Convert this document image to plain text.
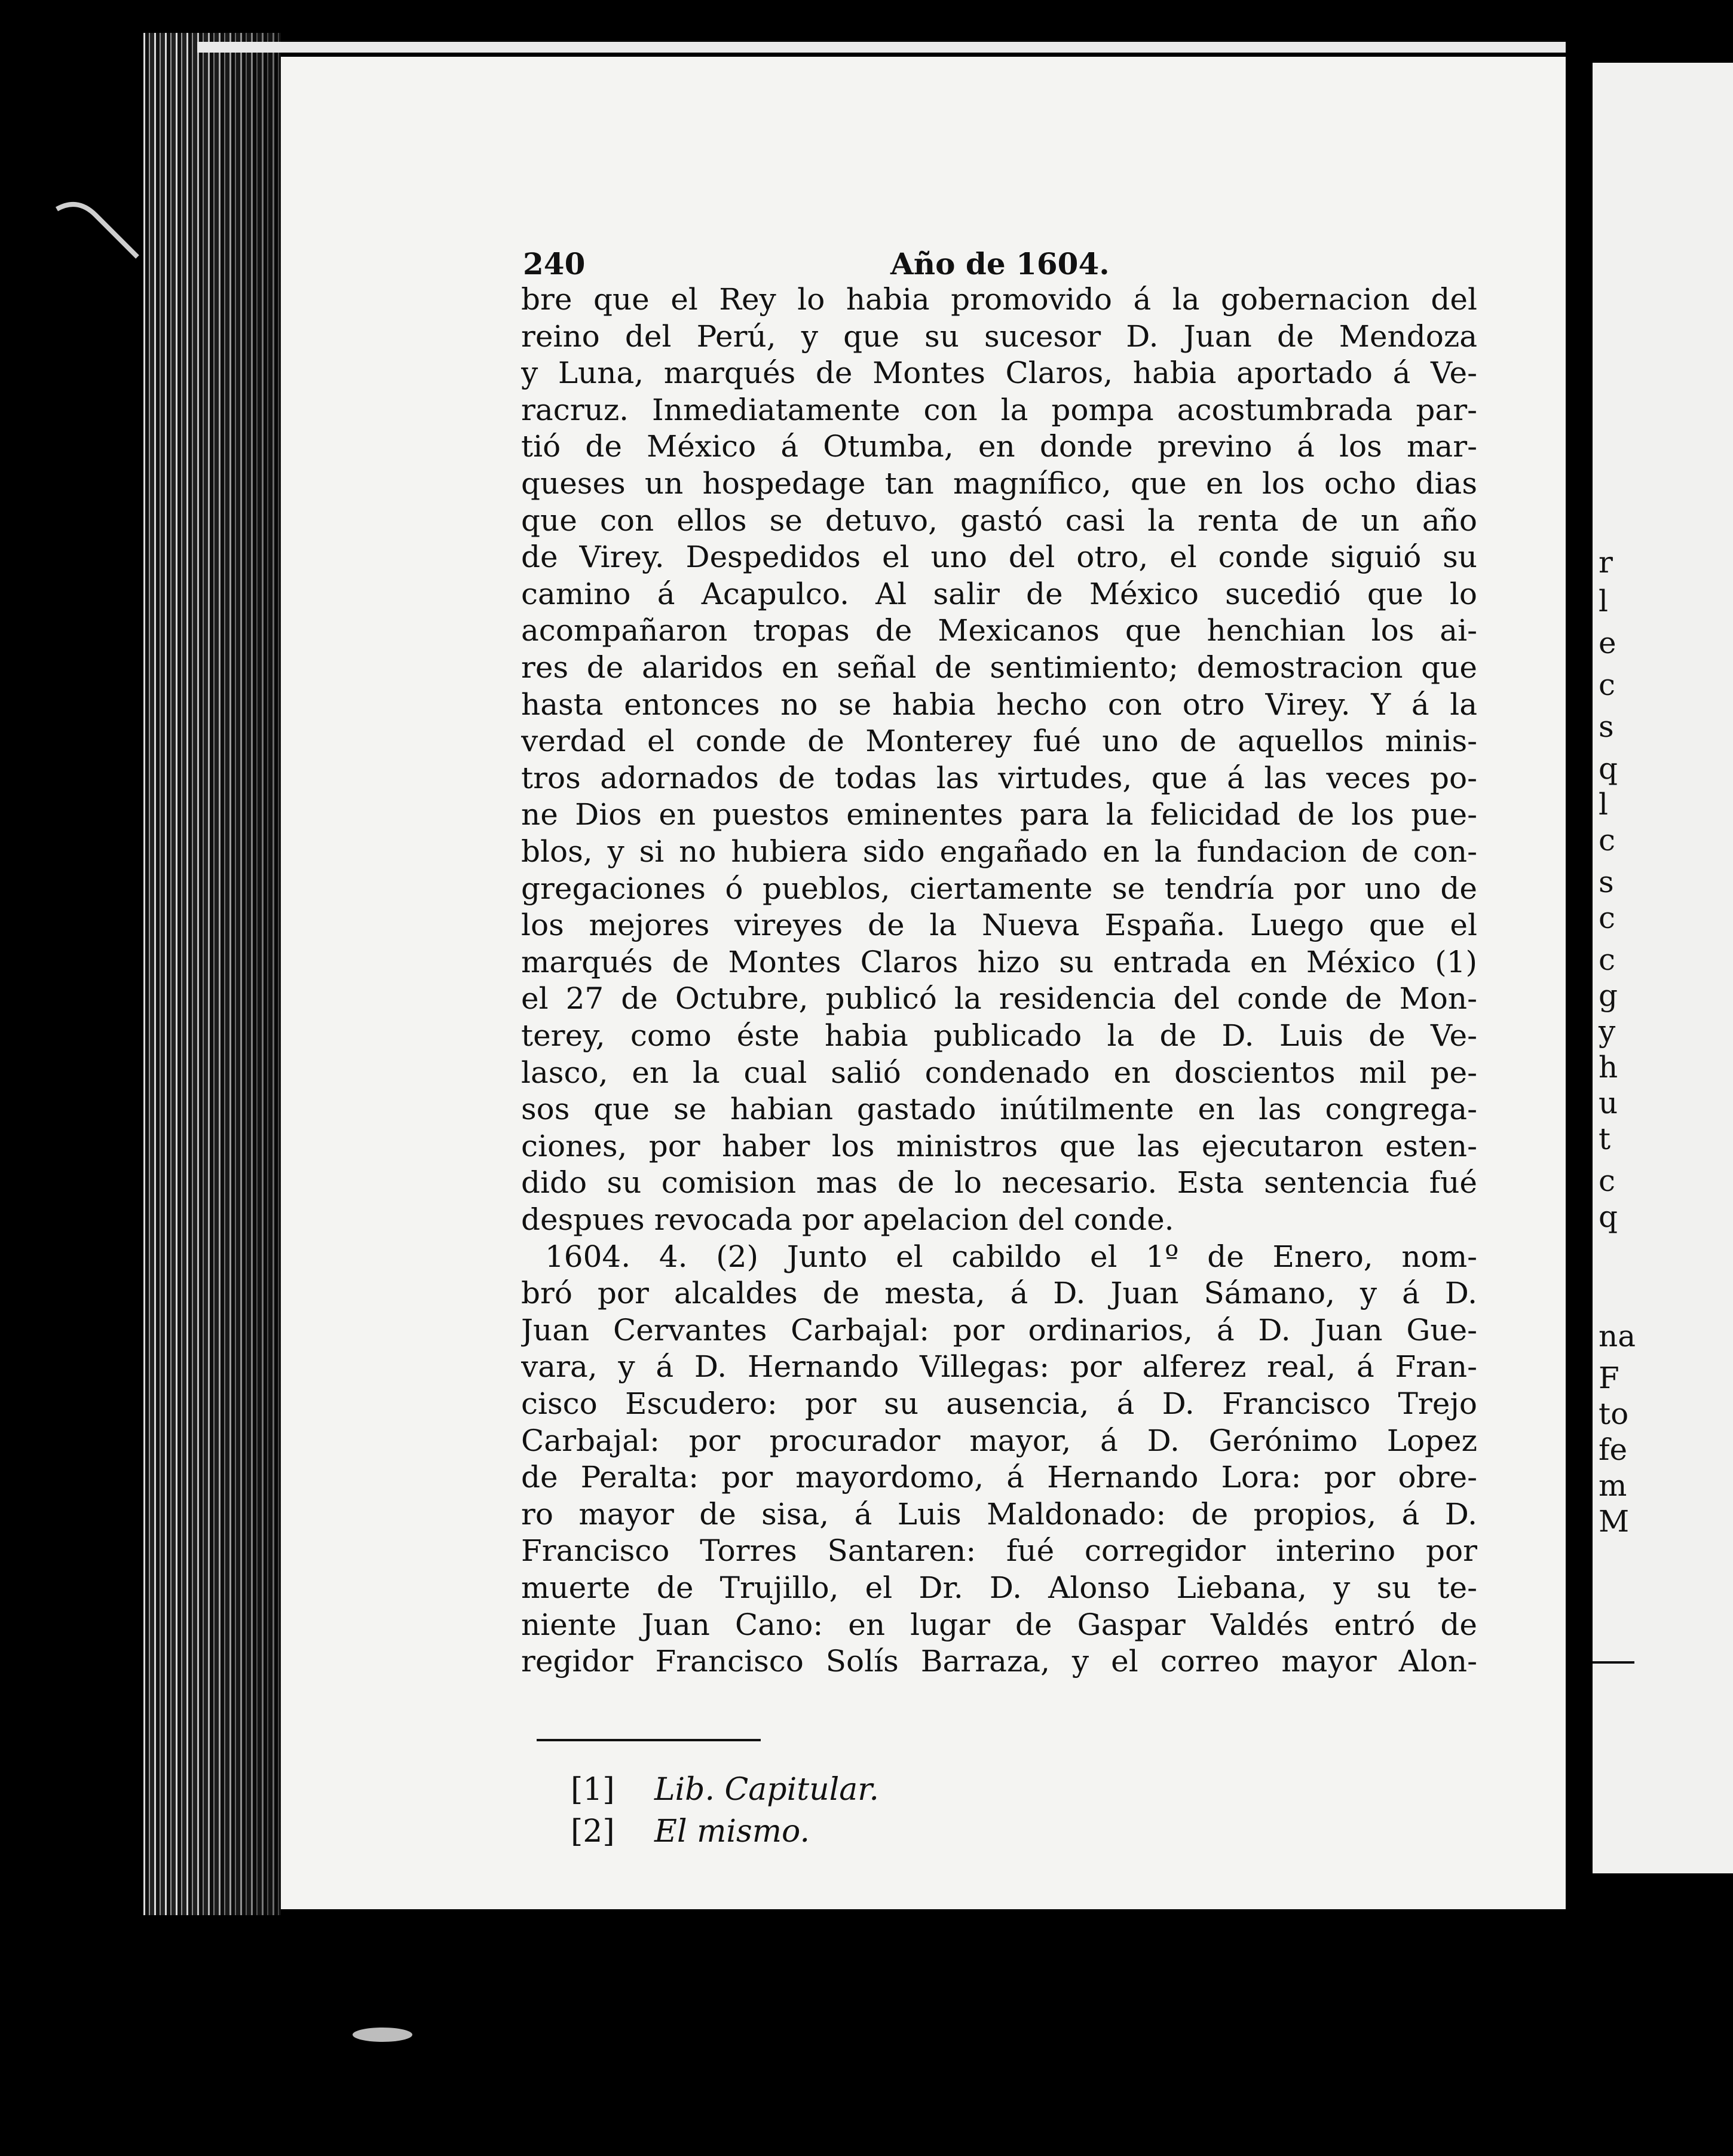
r
l
e
c
s
q
l
c
s
c
c
g
y
h
u
t
c
q
na
F
to
fe
m
M
240	Año de 1604.
bre que el Rey lo habia promovido á la gobernacion del
reino del Perú, y que su sucesor D. Juan de Mendoza
y Luna, marqués de Montes Claros, habia aportado á Ve-
racruz. Inmediatamente con la pompa acostumbrada par-
tió de México á Otumba, en donde previno á los mar-
queses un hospedage tan magnífico, que en los ocho dias
que con ellos se detuvo, gastó casi la renta de un año
de Virey. Despedidos el uno del otro, el conde siguió su
camino á Acapulco. Al salir de México sucedió que lo
acompañaron tropas de Mexicanos que henchian los ai-
res de alaridos en señal de sentimiento; demostracion que
hasta entonces no se habia hecho con otro Virey. Y á la
verdad el conde de Monterey fué uno de aquellos minis-
tros adornados de todas las virtudes, que á las veces po-
ne Dios en puestos eminentes para la felicidad de los pue-
blos, y si no hubiera sido engañado en la fundacion de con-
gregaciones ó pueblos, ciertamente se tendría por uno de
los mejores vireyes de la Nueva España. Luego que el
marqués de Montes Claros hizo su entrada en México (1)
el 27 de Octubre, publicó la residencia del conde de Mon-
terey, como éste habia publicado la de D. Luis de Ve-
lasco, en la cual salió condenado en doscientos mil pe-
sos que se habian gastado inútilmente en las congrega-
ciones, por haber los ministros que las ejecutaron esten-
dido su comision mas de lo necesario. Esta sentencia fué
despues revocada por apelacion del conde.
1604. 4. (2) Junto el cabildo el 1º de Enero, nom-
bró por alcaldes de mesta, á D. Juan Sámano, y á D.
Juan Cervantes Carbajal: por ordinarios, á D. Juan Gue-
vara, y á D. Hernando Villegas: por alferez real, á Fran-
cisco Escudero: por su ausencia, á D. Francisco Trejo
Carbajal: por procurador mayor, á D. Gerónimo Lopez
de Peralta: por mayordomo, á Hernando Lora: por obre-
ro mayor de sisa, á Luis Maldonado: de propios, á D.
Francisco Torres Santaren: fué corregidor interino por
muerte de Trujillo, el Dr. D. Alonso Liebana, y su te-
niente Juan Cano: en lugar de Gaspar Valdés entró de
regidor Francisco Solís Barraza, y el correo mayor Alon-
[1] Lib. Capitular.
[2] El mismo.
